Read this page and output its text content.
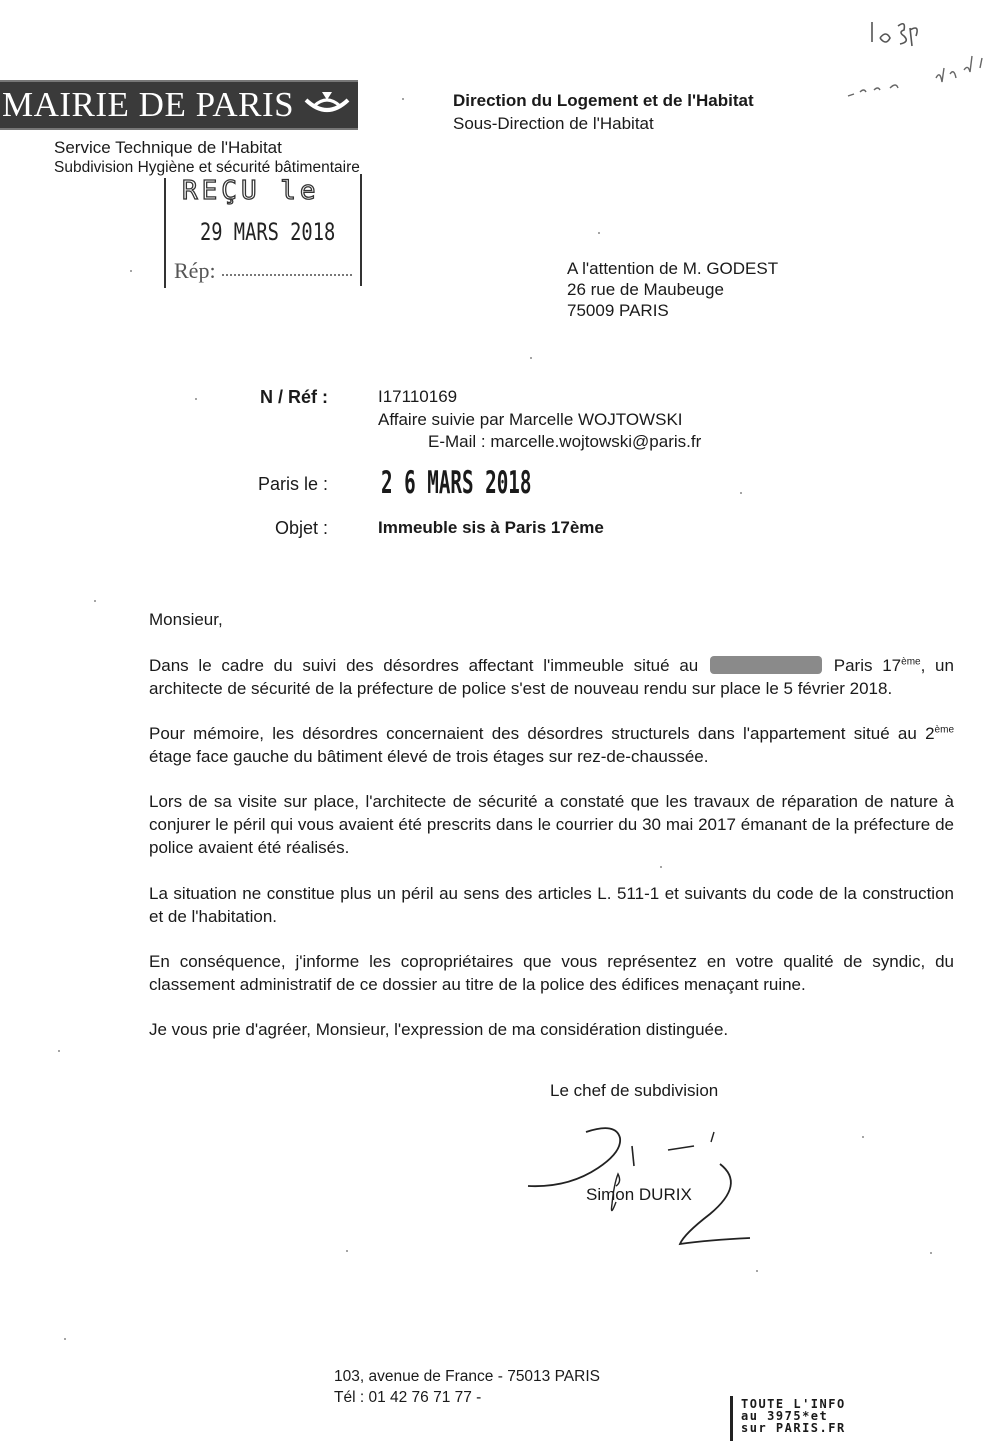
MAIRIE DE PARIS
Service Technique de l'Habitat
Subdivision Hygiène et sécurité bâtimentaire
REÇU le
29 MARS 2018
Rép:
Direction du Logement et de l'Habitat
Sous-Direction de l'Habitat
A l'attention de M. GODEST
26 rue de Maubeuge
75009 PARIS
N / Réf :	I17110169
Affaire suivie par Marcelle WOJTOWSKI
E-Mail : marcelle.wojtowski@paris.fr
Paris le : 2 6 MARS 2018
Objet :	Immeuble sis à Paris 17ème
Monsieur,
Dans le cadre du suivi des désordres affectant l'immeuble situé au	Paris 17ème, un architecte de sécurité de la préfecture de police s'est de nouveau rendu sur place le 5 février 2018.
Pour mémoire, les désordres concernaient des désordres structurels dans l'appartement situé au 2ème étage face gauche du bâtiment élevé de trois étages sur rez-de-chaussée.
Lors de sa visite sur place, l'architecte de sécurité a constaté que les travaux de réparation de nature à conjurer le péril qui vous avaient été prescrits dans le courrier du 30 mai 2017 émanant de la préfecture de police avaient été réalisés.
La situation ne constitue plus un péril au sens des articles L. 511-1 et suivants du code de la construction et de l'habitation.
En conséquence, j'informe les copropriétaires que vous représentez en votre qualité de syndic, du classement administratif de ce dossier au titre de la police des édifices menaçant ruine.
Je vous prie d'agréer, Monsieur, l'expression de ma considération distinguée.
Le chef de subdivision
Simon DURIX
103, avenue de France - 75013 PARIS
Tél : 01 42 76 71 77 -	TOUTE L'INFO
au 3975*et
sur PARIS.FR
